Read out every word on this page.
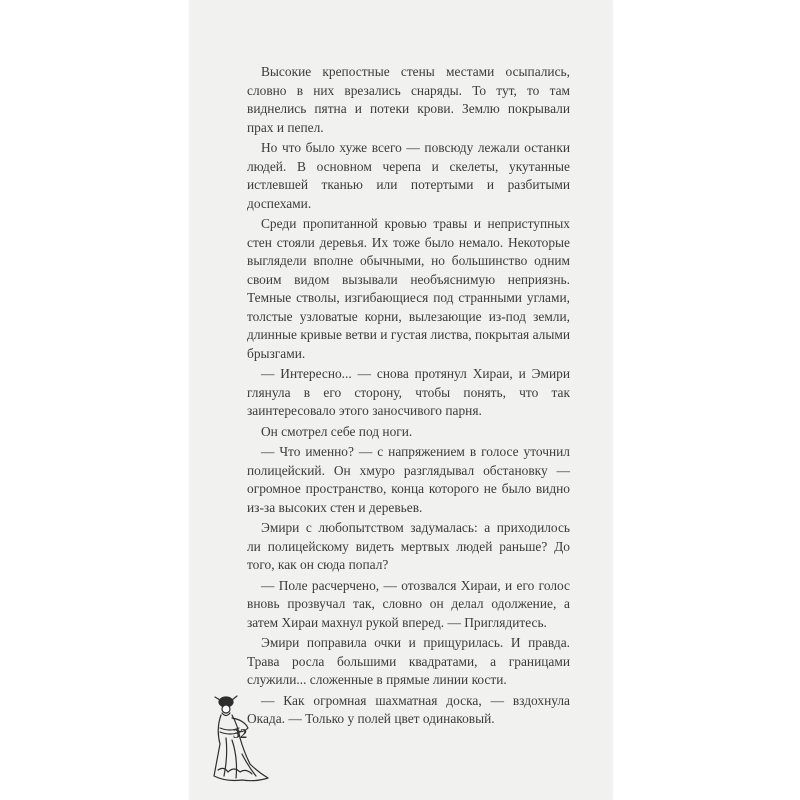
Высокие крепостные стены местами осыпались, словно в них врезались снаряды. То тут, то там виднелись пятна и потеки крови. Землю покрывали прах и пепел.

Но что было хуже всего — повсюду лежали останки людей. В основном черепа и скелеты, укутанные истлевшей тканью или потертыми и разбитыми доспехами.

Среди пропитанной кровью травы и неприступных стен стояли деревья. Их тоже было немало. Некоторые выглядели вполне обычными, но большинство одним своим видом вызывали необъяснимую неприязнь. Темные стволы, изгибающиеся под странными углами, толстые узловатые корни, вылезающие из-под земли, длинные кривые ветви и густая листва, покрытая алыми брызгами.

— Интересно... — снова протянул Хираи, и Эмири глянула в его сторону, чтобы понять, что так заинтересовало этого заносчивого парня.

Он смотрел себе под ноги.

— Что именно? — с напряжением в голосе уточнил полицейский. Он хмуро разглядывал обстановку — огромное пространство, конца которого не было видно из-за высоких стен и деревьев.

Эмири с любопытством задумалась: а приходилось ли полицейскому видеть мертвых людей раньше? До того, как он сюда попал?

— Поле расчерчено, — отозвался Хираи, и его голос вновь прозвучал так, словно он делал одолжение, а затем Хираи махнул рукой вперед. — Приглядитесь.

Эмири поправила очки и прищурилась. И правда. Трава росла большими квадратами, а границами служили... сложенные в прямые линии кости.

— Как огромная шахматная доска, — вздохнула Окада. — Только у полей цвет одинаковый.

32
